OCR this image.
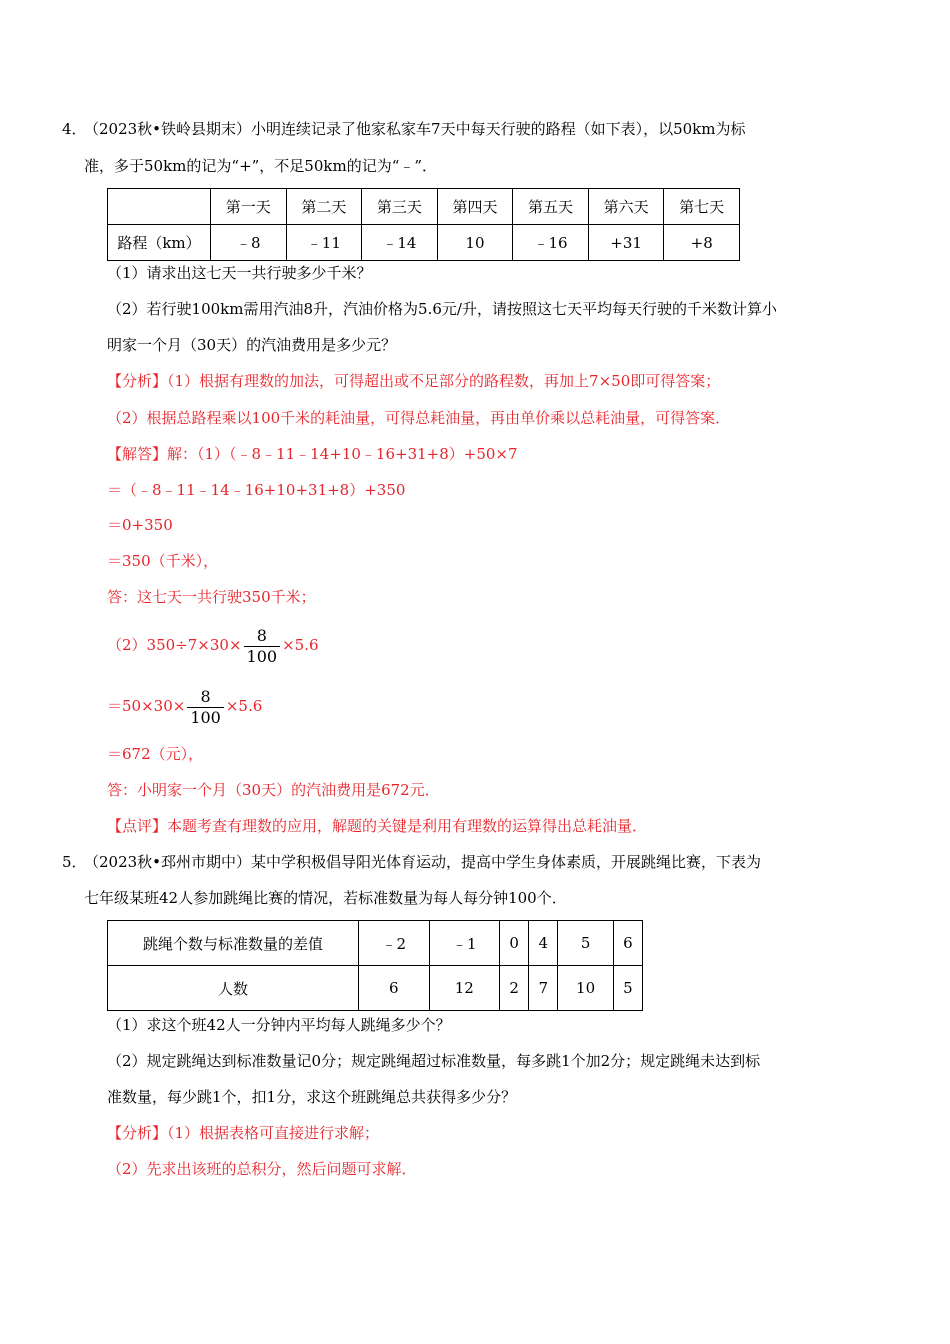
4．
（2023秋•铁岭县期末）小明连续记录了他家私家车7天中每天行驶的路程（如下表），以50km为标
准，多于50km的记为“+”，不足50km的记为“﹣”．
	第一天	第二天	第三天	第四天	第五天	第六天	第七天
路程（km）	﹣8	﹣11	﹣14	10	﹣16	+31	+8
（1）请求出这七天一共行驶多少千米？
（2）若行驶100km需用汽油8升，汽油价格为5.6元/升，请按照这七天平均每天行驶的千米数计算小
明家一个月（30天）的汽油费用是多少元？
【分析】（1）根据有理数的加法，可得超出或不足部分的路程数，再加上7×50即可得答案；
（2）根据总路程乘以100千米的耗油量，可得总耗油量，再由单价乘以总耗油量，可得答案．
【解答】解：（1）（﹣8﹣11﹣14+10﹣16+31+8）+50×7
＝（﹣8﹣11﹣14﹣16+10+31+8）+350
＝0+350
＝350（千米），
答：这七天一共行驶350千米；
$(2)350\div 7\times 30\times \frac{8}{100} \times 5.6$
$=50\times 30\times \frac{8}{100} \times 5.6$
＝672（元），
答：小明家一个月（30天）的汽油费用是672元．
【点评】本题考查有理数的应用，解题的关键是利用有理数的运算得出总耗油量．
5．
（2023秋•邳州市期中）某中学积极倡导阳光体育运动，提高中学生身体素质，开展跳绳比赛，下表为
七年级某班42人参加跳绳比赛的情况，若标准数量为每人每分钟100个．
跳绳个数与标准数量的差值	﹣2	﹣1	0	4	5	6
人数	6	12	2	7	10	5
（1）求这个班42人一分钟内平均每人跳绳多少个？
（2）规定跳绳达到标准数量记0分；规定跳绳超过标准数量，每多跳1个加2分；规定跳绳未达到标
准数量，每少跳1个，扣1分，求这个班跳绳总共获得多少分？
【分析】（1）根据表格可直接进行求解；
（2）先求出该班的总积分，然后问题可求解．
